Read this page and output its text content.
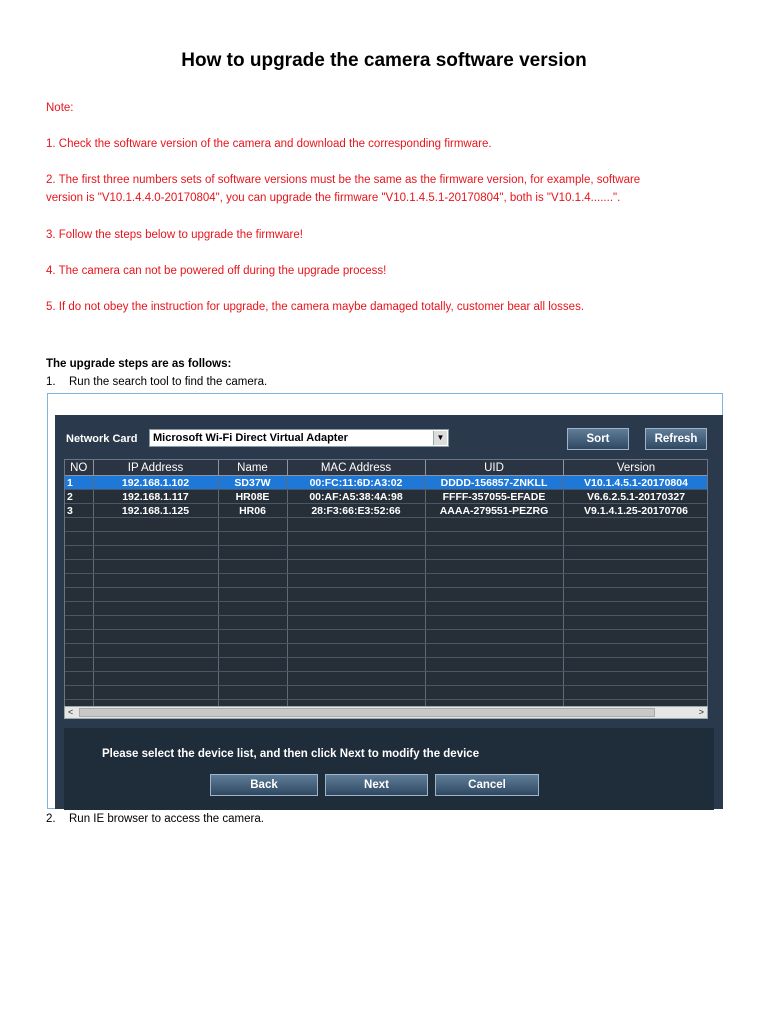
How to upgrade the camera software version
Note:
1. Check the software version of the camera and download the corresponding firmware.
2. The first three numbers sets of software versions must be the same as the firmware version, for example, software
version is "V10.1.4.4.0-20170804", you can upgrade the firmware "V10.1.4.5.1-20170804", both is "V10.1.4.......".
3. Follow the steps below to upgrade the firmware!
4. The camera can not be powered off during the upgrade process!
5. If do not obey the instruction for upgrade, the camera maybe damaged totally, customer bear all losses.
The upgrade steps are as follows:
1. Run the search tool to find the camera.
Network Card	Microsoft Wi-Fi Direct Virtual Adapter	▼	Sort	Refresh
NO	IP Address	Name	MAC Address	UID	Version
1	192.168.1.102	SD37W	00:FC:11:6D:A3:02	DDDD-156857-ZNKLL	V10.1.4.5.1-20170804
2	192.168.1.117	HR08E	00:AF:A5:38:4A:98	FFFF-357055-EFADE	V6.6.2.5.1-20170327
3	192.168.1.125	HR06	28:F3:66:E3:52:66	AAAA-279551-PEZRG	V9.1.4.1.25-20170706

<	>
Please select the device list, and then click Next to modify the device
Back	Next	Cancel
2. Run IE browser to access the camera.
